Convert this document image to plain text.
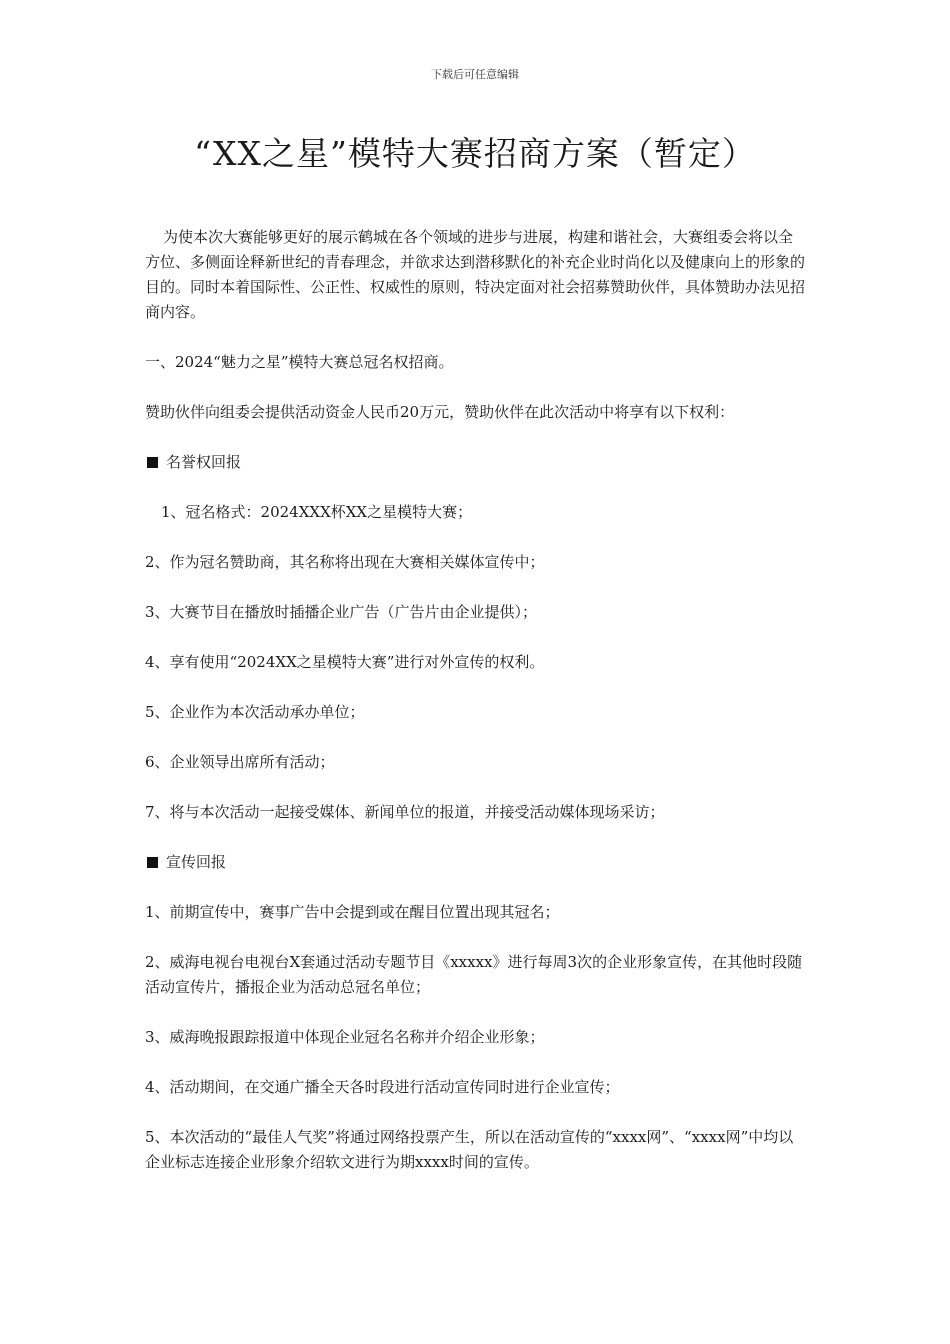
下载后可任意编辑
“XX之星”模特大赛招商方案（暂定）

为使本次大赛能够更好的展示鹤城在各个领域的进步与进展，构建和谐社会，大赛组委会将以全方位、多侧面诠释新世纪的青春理念，并欲求达到潜移默化的补充企业时尚化以及健康向上的形象的目的。同时本着国际性、公正性、权威性的原则，特决定面对社会招募赞助伙伴，具体赞助办法见招商内容。

一、2024“魅力之星”模特大赛总冠名权招商。

赞助伙伴向组委会提供活动资金人民币20万元，赞助伙伴在此次活动中将享有以下权利：

名誉权回报

1、冠名格式：2024XXX杯XX之星模特大赛；

2、作为冠名赞助商，其名称将出现在大赛相关媒体宣传中；

3、大赛节目在播放时插播企业广告（广告片由企业提供）；

4、享有使用“2024XX之星模特大赛”进行对外宣传的权利。

5、企业作为本次活动承办单位；

6、企业领导出席所有活动；

7、将与本次活动一起接受媒体、新闻单位的报道，并接受活动媒体现场采访；

宣传回报

1、前期宣传中，赛事广告中会提到或在醒目位置出现其冠名；

2、威海电视台电视台X套通过活动专题节目《xxxxx》进行每周3次的企业形象宣传，在其他时段随活动宣传片，播报企业为活动总冠名单位；

3、威海晚报跟踪报道中体现企业冠名名称并介绍企业形象；

4、活动期间，在交通广播全天各时段进行活动宣传同时进行企业宣传；

5、本次活动的“最佳人气奖”将通过网络投票产生，所以在活动宣传的“xxxx网”、“xxxx网”中均以企业标志连接企业形象介绍软文进行为期xxxx时间的宣传。
